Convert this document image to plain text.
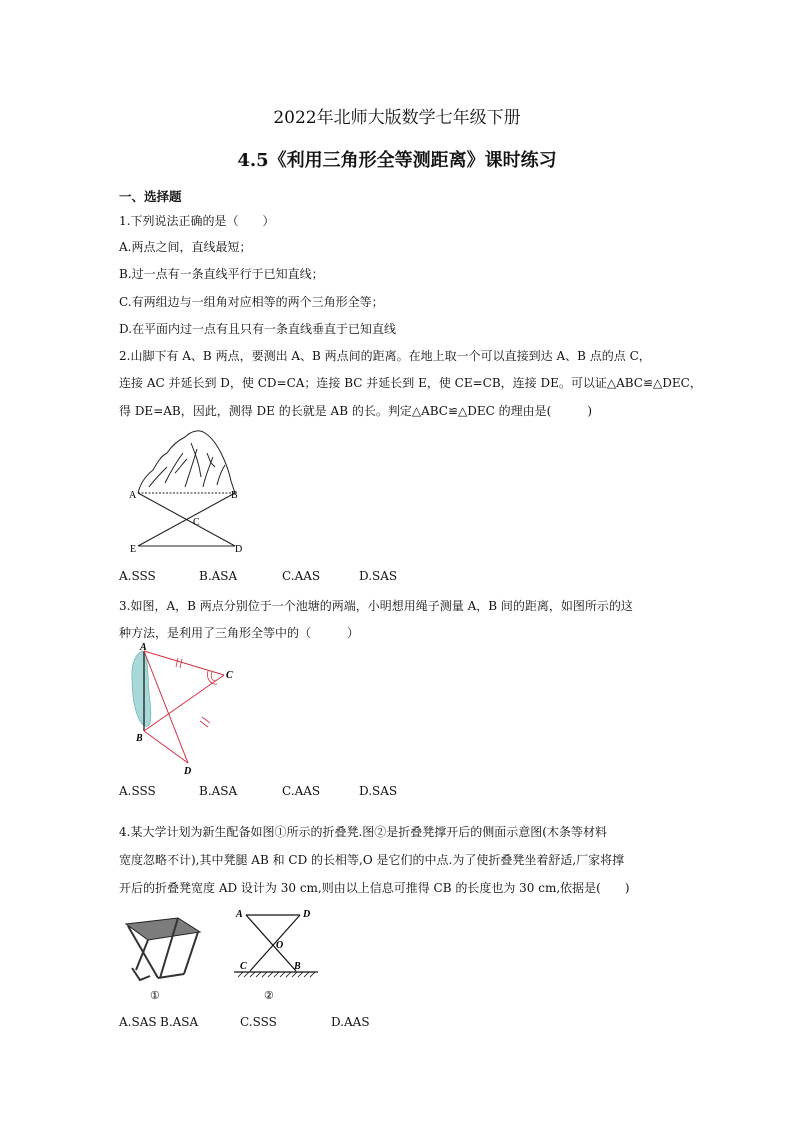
2022年北师大版数学七年级下册
4.5《利用三角形全等测距离》课时练习
一、选择题
1.下列说法正确的是（　　）
A.两点之间，直线最短；
B.过一点有一条直线平行于已知直线；
C.有两组边与一组角对应相等的两个三角形全等；
D.在平面内过一点有且只有一条直线垂直于已知直线
2.山脚下有 A、B 两点，要测出 A、B 两点间的距离。在地上取一个可以直接到达 A、B 点的点 C，
连接 AC 并延长到 D，使 CD=CA；连接 BC 并延长到 E，使 CE=CB，连接 DE。可以证△ABC≌△DEC，
得 DE=AB，因此，测得 DE 的长就是 AB 的长。判定△ABC≌△DEC 的理由是(　　　)
A	B
C
D
E
A.SSS	B.ASA	C.AAS	D.SAS
3.如图，A，B 两点分别位于一个池塘的两端，小明想用绳子测量 A，B 间的距离，如图所示的这
种方法，是利用了三角形全等中的（　　　）
A
B
C
D
A.SSS	B.ASA	C.AAS	D.SAS
4.某大学计划为新生配备如图①所示的折叠凳.图②是折叠凳撑开后的侧面示意图(木条等材料
宽度忽略不计),其中凳腿 AB 和 CD 的长相等,O 是它们的中点.为了使折叠凳坐着舒适,厂家将撑
开后的折叠凳宽度 AD 设计为 30 cm,则由以上信息可推得 CB 的长度也为 30 cm,依据是(　　)
①
A	D
O
C	B
②
A.SAS B.ASA	C.SSS	D.AAS
